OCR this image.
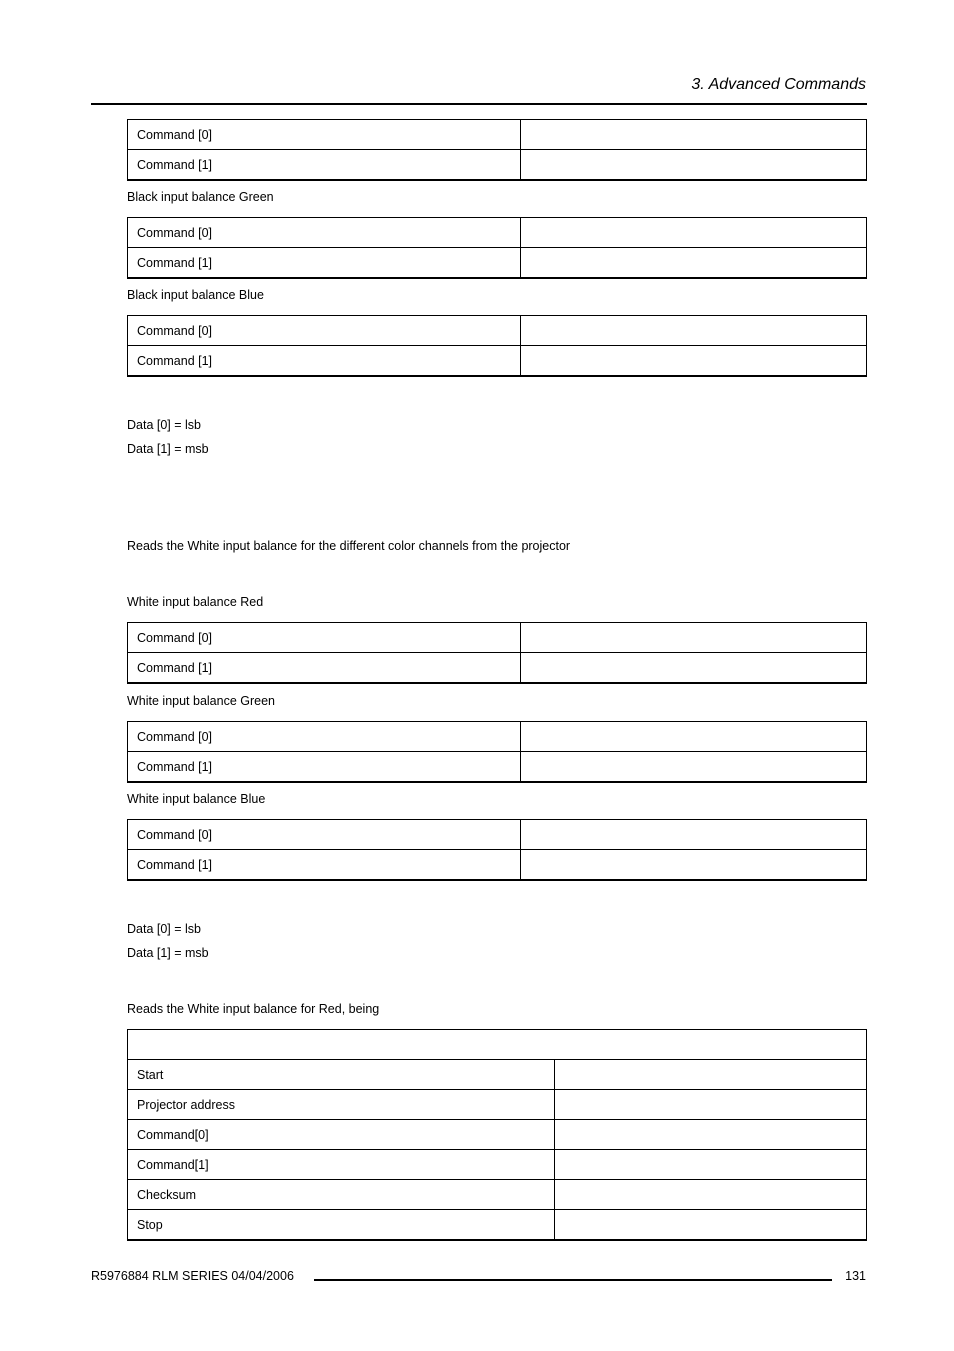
3. Advanced Commands
Command [0]	
Command [1]	
Black input balance Green
Command [0]	
Command [1]	
Black input balance Blue
Command [0]	
Command [1]	
Data [0] = lsb
Data [1] = msb
Reads the White input balance for the different color channels from the projector
White input balance Red
Command [0]	
Command [1]	
White input balance Green
Command [0]	
Command [1]	
White input balance Blue
Command [0]	
Command [1]	
Data [0] = lsb
Data [1] = msb
Reads the White input balance for Red, being

Start	
Projector address	
Command[0]	
Command[1]	
Checksum	
Stop	
R5976884 RLM SERIES 04/04/2006	131
